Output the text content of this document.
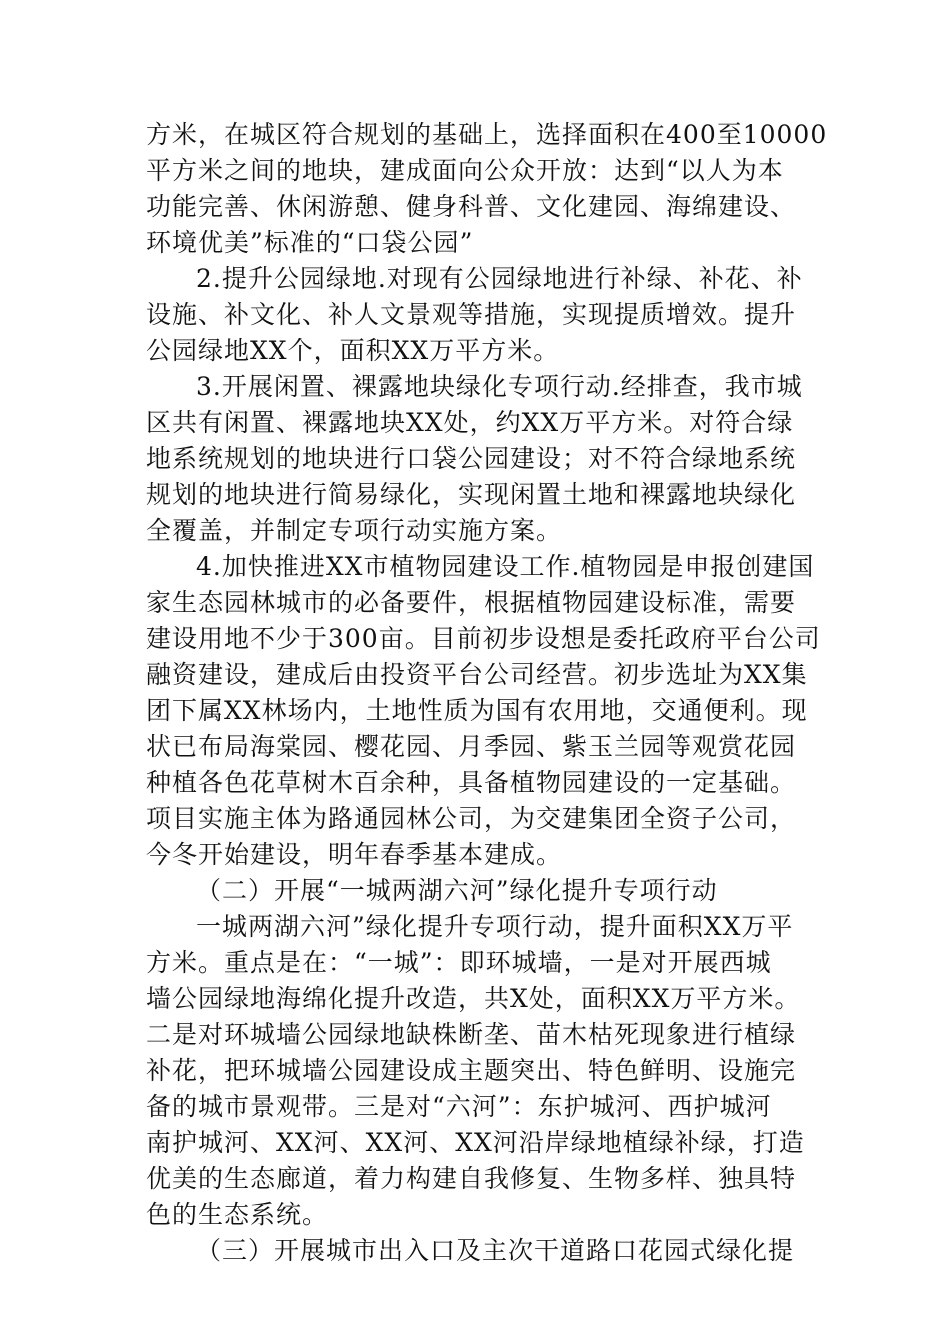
方米，在城区符合规划的基础上，选择面积在400至10000
平方米之间的地块，建成面向公众开放：达到“以人为本
功能完善、休闲游憩、健身科普、文化建园、海绵建设、
环境优美”标准的“口袋公园”
2.提升公园绿地.对现有公园绿地进行补绿、补花、补
设施、补文化、补人文景观等措施，实现提质增效。提升
公园绿地XX个，面积XX万平方米。
3.开展闲置、裸露地块绿化专项行动.经排查，我市城
区共有闲置、裸露地块XX处，约XX万平方米。对符合绿
地系统规划的地块进行口袋公园建设；对不符合绿地系统
规划的地块进行简易绿化，实现闲置土地和裸露地块绿化
全覆盖，并制定专项行动实施方案。
4.加快推进XX市植物园建设工作.植物园是申报创建国
家生态园林城市的必备要件，根据植物园建设标准，需要
建设用地不少于300亩。目前初步设想是委托政府平台公司
融资建设，建成后由投资平台公司经营。初步选址为XX集
团下属XX林场内，土地性质为国有农用地，交通便利。现
状已布局海棠园、樱花园、月季园、紫玉兰园等观赏花园
种植各色花草树木百余种，具备植物园建设的一定基础。
项目实施主体为路通园林公司，为交建集团全资子公司，
今冬开始建设，明年春季基本建成。
（二）开展“一城两湖六河”绿化提升专项行动
一城两湖六河”绿化提升专项行动，提升面积XX万平
方米。重点是在：“一城”：即环城墙，一是对开展西城
墙公园绿地海绵化提升改造，共X处，面积XX万平方米。
二是对环城墙公园绿地缺株断垄、苗木枯死现象进行植绿
补花，把环城墙公园建设成主题突出、特色鲜明、设施完
备的城市景观带。三是对“六河”：东护城河、西护城河
南护城河、XX河、XX河、XX河沿岸绿地植绿补绿，打造
优美的生态廊道，着力构建自我修复、生物多样、独具特
色的生态系统。
（三）开展城市出入口及主次干道路口花园式绿化提
